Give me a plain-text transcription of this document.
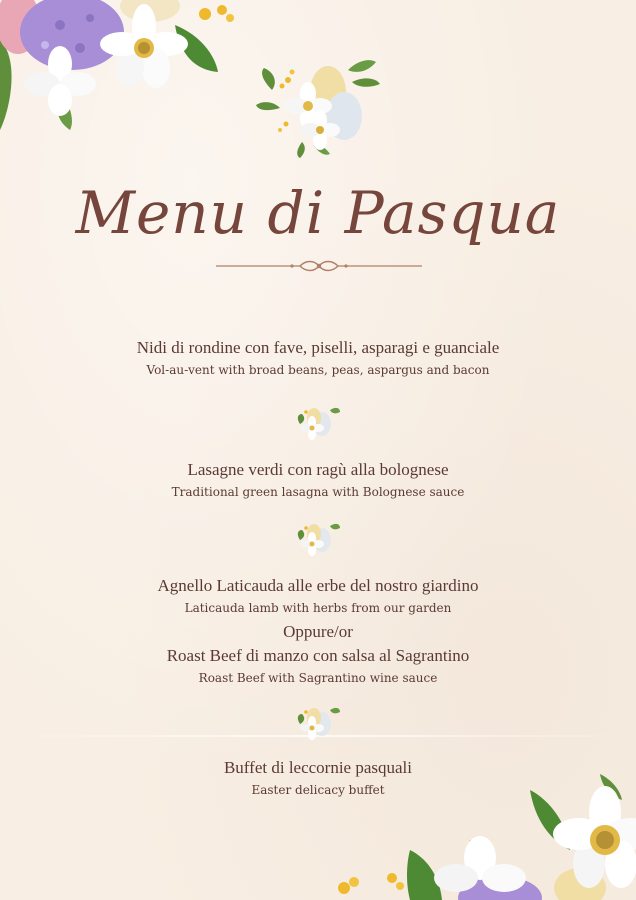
Menu di Pasqua
Nidi di rondine con fave, piselli, asparagi e guanciale
Vol-au-vent with broad beans, peas, aspargus and bacon
Lasagne verdi con ragù alla bolognese
Traditional green lasagna with Bolognese sauce
Agnello Laticauda alle erbe del nostro giardino
Laticauda lamb with herbs from our garden
Oppure/or
Roast Beef di manzo con salsa al Sagrantino
Roast Beef with Sagrantino wine sauce
Buffet di leccornie pasquali
Easter delicacy buffet
